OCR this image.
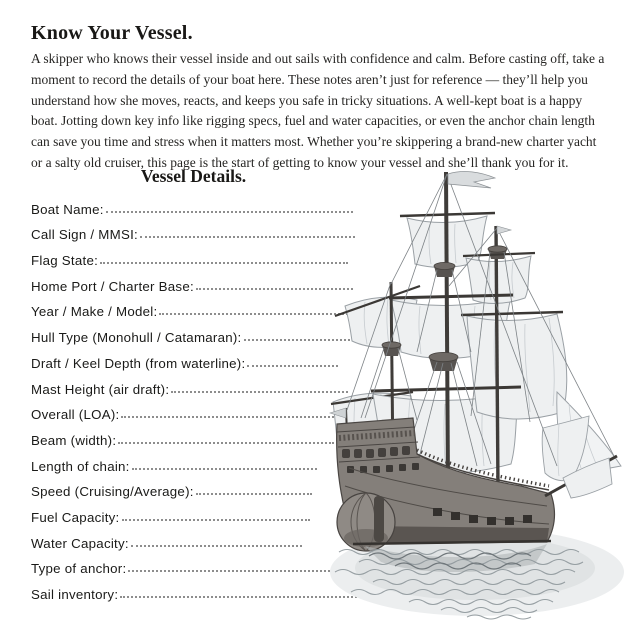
Know Your Vessel.
A skipper who knows their vessel inside and out sails with confidence and calm. Before casting off, take a moment to record the details of your boat here. These notes aren’t just for reference — they’ll help you understand how she moves, reacts, and keeps you safe in tricky situations. A well-kept boat is a happy boat. Jotting down key info like rigging specs, fuel and water capacities, or even the anchor chain length can save you time and stress when it matters most. Whether you’re skippering a brand-new charter yacht or a salty old cruiser, this page is the start of getting to know your vessel and she’ll thank you for it.
Vessel Details.
Boat Name:
Call Sign / MMSI:
Flag State:
Home Port / Charter Base:
Year / Make / Model:
Hull Type (Monohull / Catamaran):
Draft / Keel Depth (from waterline):
Mast Height (air draft):
Overall (LOA):
Beam (width):
Length of chain:
Speed (Cruising/Average):
Fuel Capacity:
Water Capacity:
Type of anchor:
Sail inventory:
